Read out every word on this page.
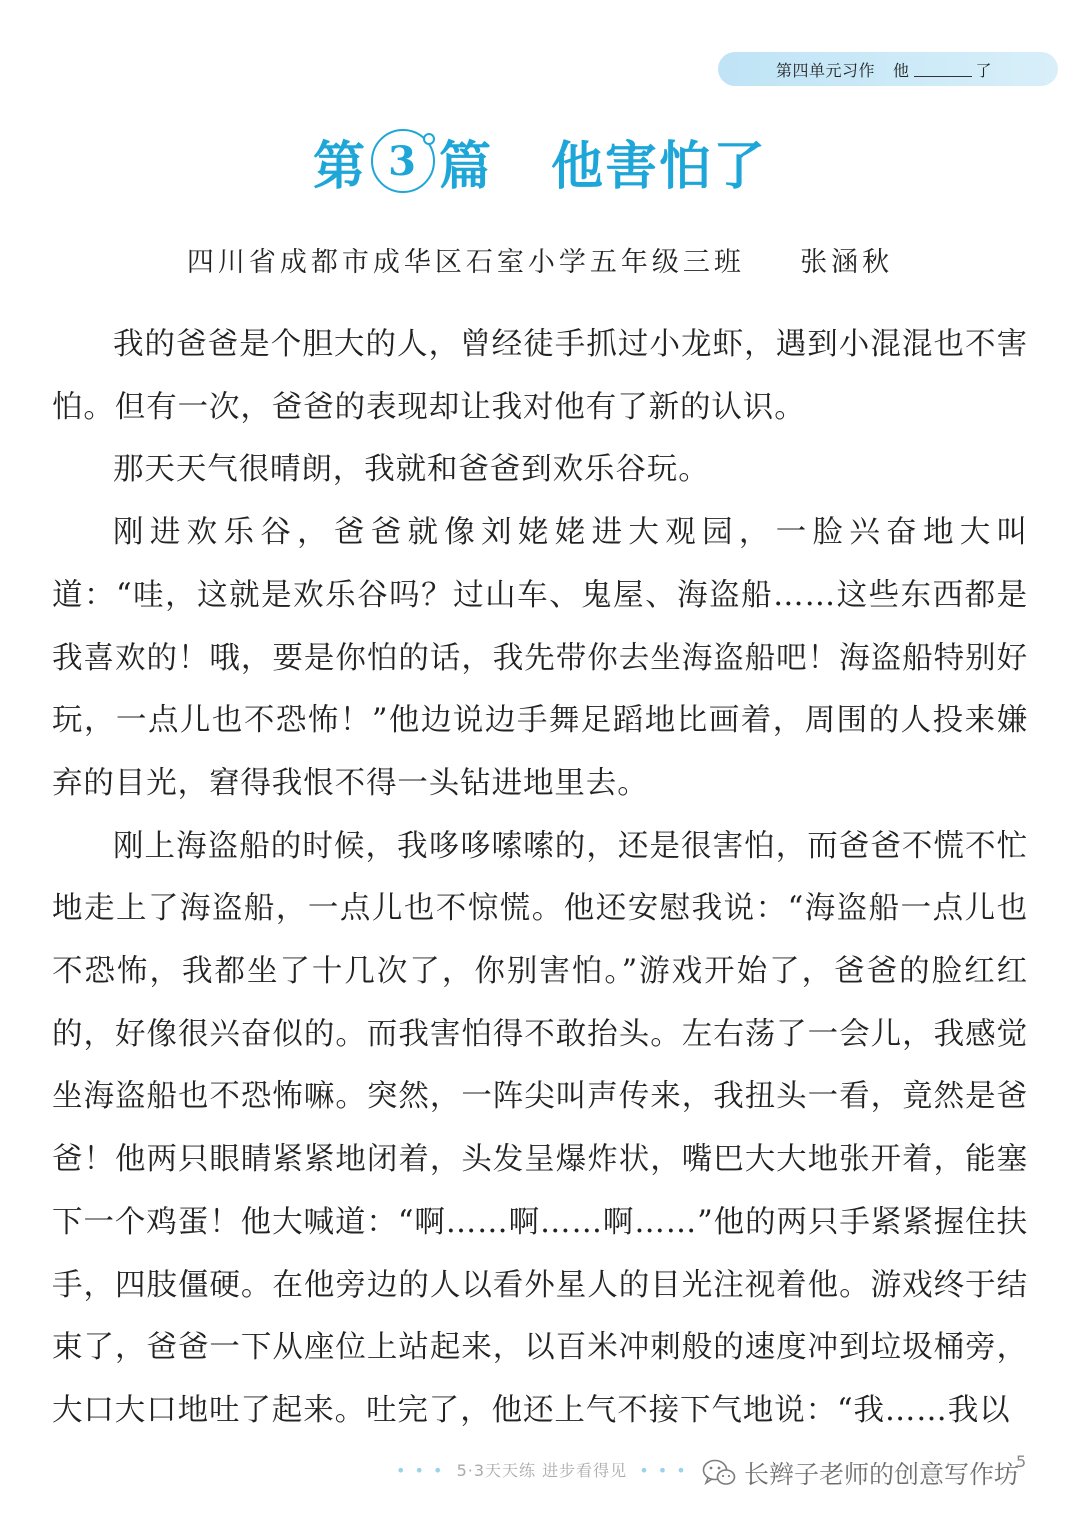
第四单元习作 他	了
第 3 篇 他害怕了
四川省成都市成华区石室小学五年级三班 张涵秋

我的爸爸是个胆大的人，曾经徒手抓过小龙虾，遇到小混混也不害怕。但有一次，爸爸的表现却让我对他有了新的认识。

那天天气很晴朗，我就和爸爸到欢乐谷玩。

刚进欢乐谷，爸爸就像刘姥姥进大观园，一脸兴奋地大叫道：“哇，这就是欢乐谷吗？过山车、鬼屋、海盗船……这些东西都是我喜欢的！哦，要是你怕的话，我先带你去坐海盗船吧！海盗船特别好玩，一点儿也不恐怖！”他边说边手舞足蹈地比画着，周围的人投来嫌弃的目光，窘得我恨不得一头钻进地里去。

刚上海盗船的时候，我哆哆嗦嗦的，还是很害怕，而爸爸不慌不忙地走上了海盗船，一点儿也不惊慌。他还安慰我说：“海盗船一点儿也不恐怖，我都坐了十几次了，你别害怕。”游戏开始了，爸爸的脸红红的，好像很兴奋似的。而我害怕得不敢抬头。左右荡了一会儿，我感觉坐海盗船也不恐怖嘛。突然，一阵尖叫声传来，我扭头一看，竟然是爸爸！他两只眼睛紧紧地闭着，头发呈爆炸状，嘴巴大大地张开着，能塞下一个鸡蛋！他大喊道：“啊……啊……啊……”他的两只手紧紧握住扶手，四肢僵硬。在他旁边的人以看外星人的目光注视着他。游戏终于结束了，爸爸一下从座位上站起来，以百米冲刺般的速度冲到垃圾桶旁，大口大口地吐了起来。吐完了，他还上气不接下气地说：“我……我以

• • • 5·3天天练 进步看得见 • • • 长辫子老师的创意写作坊
5
